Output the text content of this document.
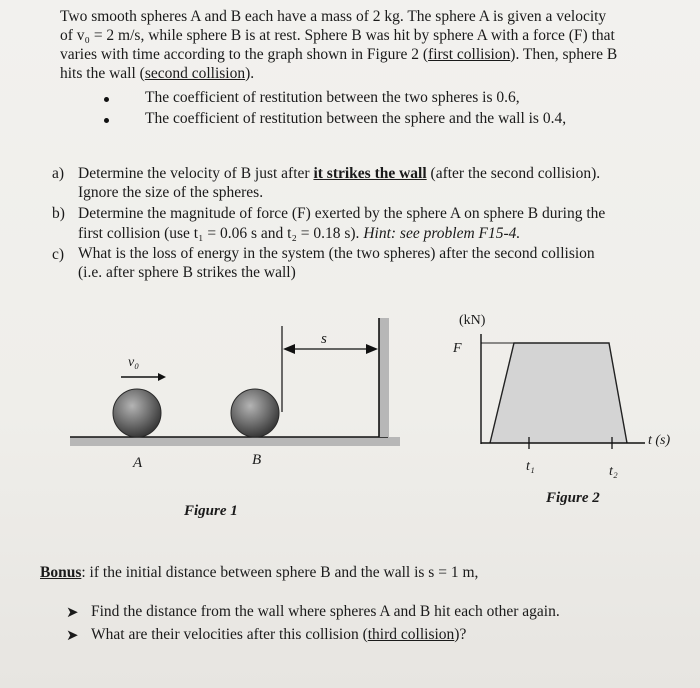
Two smooth spheres A and B each have a mass of 2 kg. The sphere A is given a velocity
of v₀ = 2 m/s, while sphere B is at rest. Sphere B was hit by sphere A with a force (F) that
varies with time according to the graph shown in Figure 2 (first collision). Then, sphere B
hits the wall (second collision).
The coefficient of restitution between the two spheres is 0.6,
The coefficient of restitution between the sphere and the wall is 0.4,
a) Determine the velocity of B just after it strikes the wall (after the second collision).
Ignore the size of the spheres.
b) Determine the magnitude of force (F) exerted by the sphere A on sphere B during the
first collision (use t₁ = 0.06 s and t₂ = 0.18 s). Hint: see problem F15-4.
c) What is the loss of energy in the system (the two spheres) after the second collision
(i.e. after sphere B strikes the wall)
v₀
s
A	B
Figure 1
(kN)
F
t (s)
t₁	t₂
Figure 2
Bonus: if the initial distance between sphere B and the wall is s = 1 m,
➤ Find the distance from the wall where spheres A and B hit each other again.
➤ What are their velocities after this collision (third collision)?
